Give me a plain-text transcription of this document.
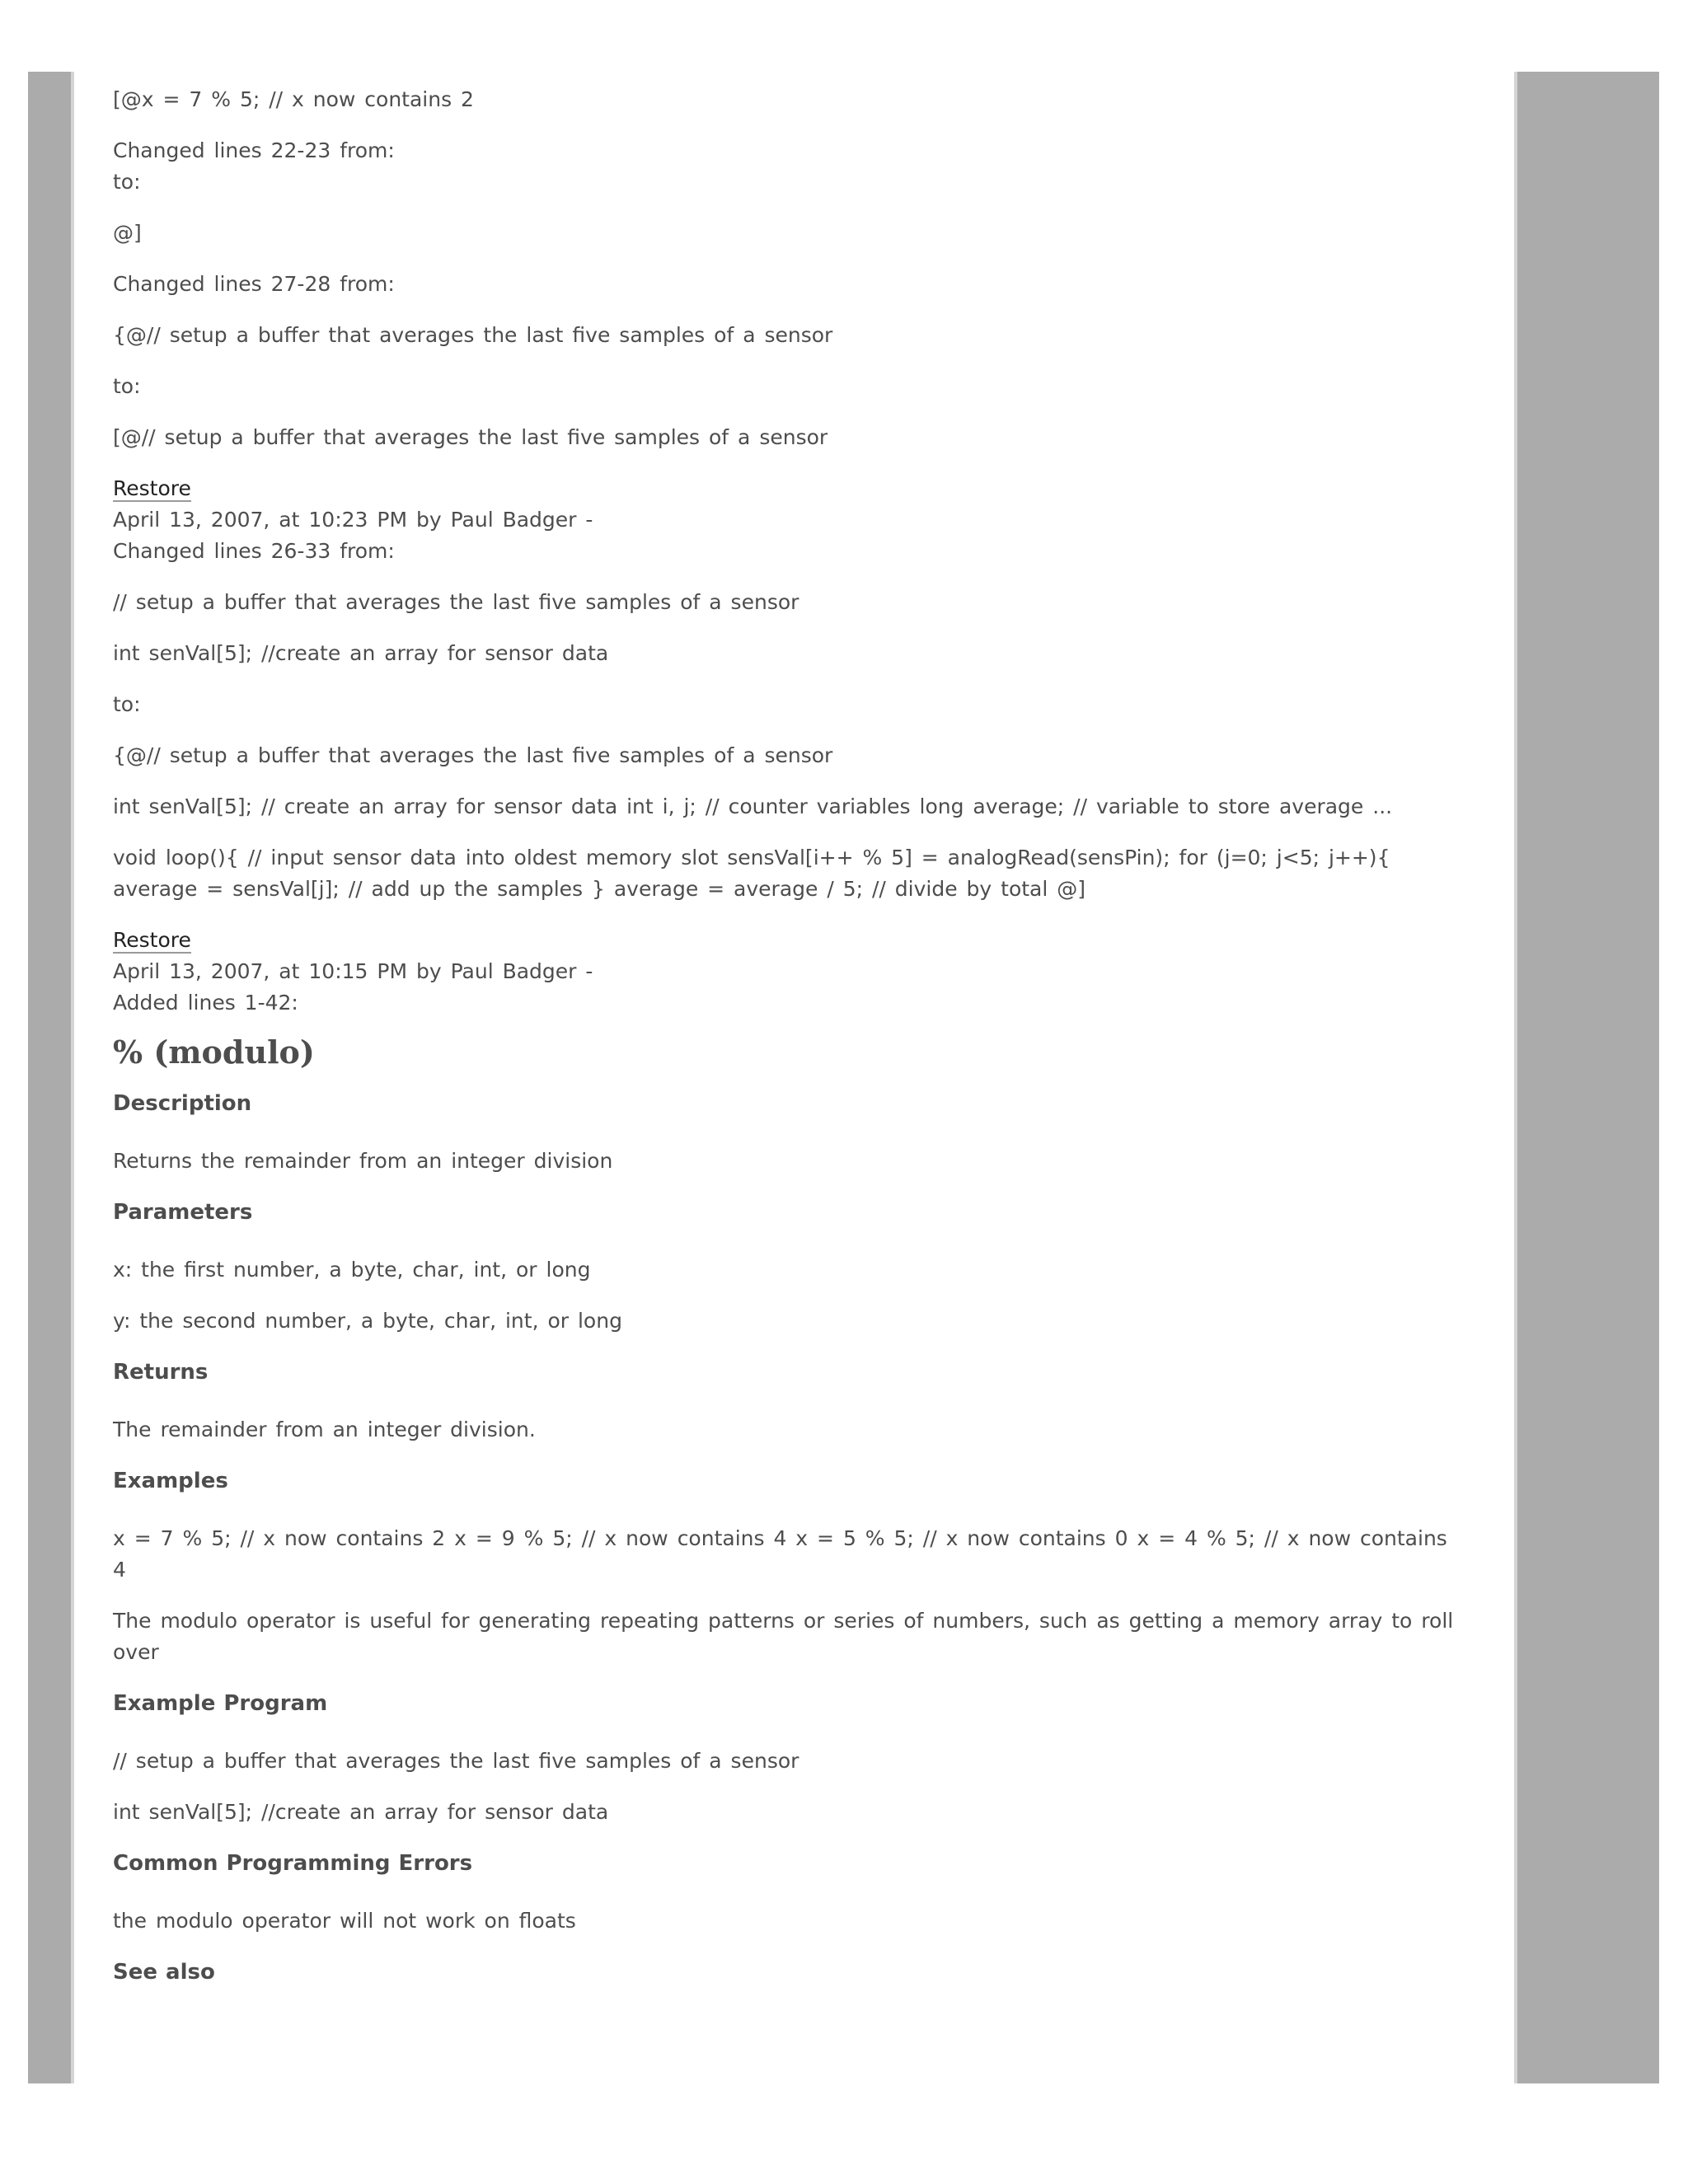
[@x = 7 % 5; // x now contains 2

Changed lines 22-23 from:
to:

@]

Changed lines 27-28 from:

{@// setup a buffer that averages the last five samples of a sensor

to:

[@// setup a buffer that averages the last five samples of a sensor

Restore
April 13, 2007, at 10:23 PM by Paul Badger -
Changed lines 26-33 from:

// setup a buffer that averages the last five samples of a sensor

int senVal[5]; //create an array for sensor data

to:

{@// setup a buffer that averages the last five samples of a sensor

int senVal[5]; // create an array for sensor data int i, j; // counter variables long average; // variable to store average ...

void loop(){ // input sensor data into oldest memory slot sensVal[i++ % 5] = analogRead(sensPin); for (j=0; j<5; j++){ average = sensVal[j]; // add up the samples } average = average / 5; // divide by total @]

Restore
April 13, 2007, at 10:15 PM by Paul Badger -
Added lines 1-42:

% (modulo)
Description

Returns the remainder from an integer division

Parameters

x: the first number, a byte, char, int, or long

y: the second number, a byte, char, int, or long

Returns

The remainder from an integer division.

Examples

x = 7 % 5; // x now contains 2 x = 9 % 5; // x now contains 4 x = 5 % 5; // x now contains 0 x = 4 % 5; // x now contains 4

The modulo operator is useful for generating repeating patterns or series of numbers, such as getting a memory array to roll over

Example Program

// setup a buffer that averages the last five samples of a sensor

int senVal[5]; //create an array for sensor data

Common Programming Errors

the modulo operator will not work on floats

See also
